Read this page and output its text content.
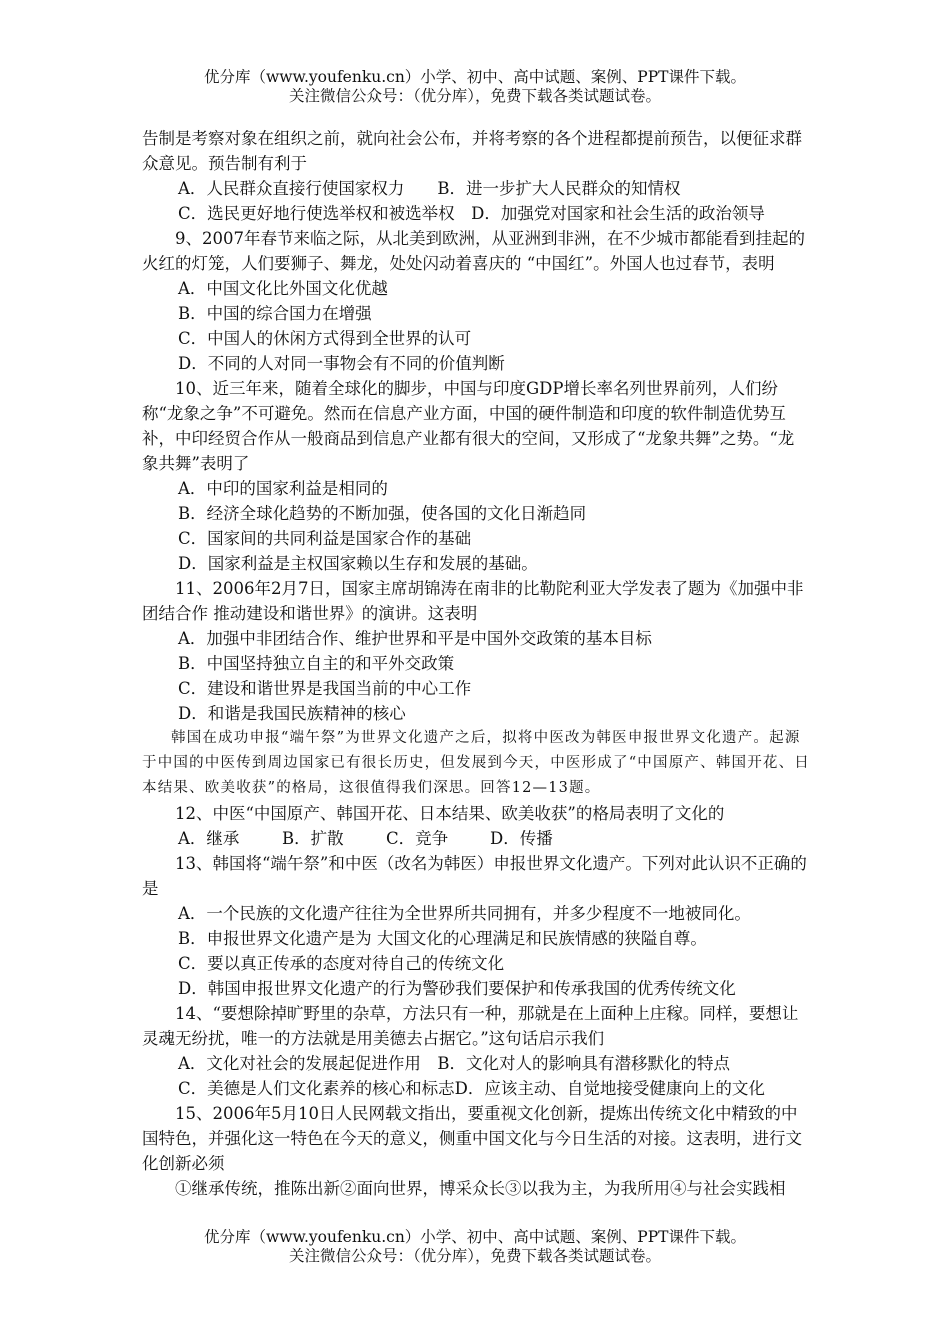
优分库（www.youfenku.cn）小学、初中、高中试题、案例、PPT课件下载。
关注微信公众号：（优分库），免费下载各类试题试卷。

告制是考察对象在组织之前，就向社会公布，并将考察的各个进程都提前预告，以便征求群众意见。预告制有利于

A．人民群众直接行使国家权力　　B．进一步扩大人民群众的知情权

C．选民更好地行使选举权和被选举权　D．加强党对国家和社会生活的政治领导

9、2007年春节来临之际，从北美到欧洲，从亚洲到非洲，在不少城市都能看到挂起的火红的灯笼，人们要狮子、舞龙，处处闪动着喜庆的 “中国红”。外国人也过春节，表明

A．中国文化比外国文化优越

B．中国的综合国力在增强

C．中国人的休闲方式得到全世界的认可

D．不同的人对同一事物会有不同的价值判断

10、近三年来，随着全球化的脚步，中国与印度GDP增长率名列世界前列，人们纷称“龙象之争”不可避免。然而在信息产业方面，中国的硬件制造和印度的软件制造优势互补，中印经贸合作从一般商品到信息产业都有很大的空间，又形成了“龙象共舞”之势。“龙象共舞”表明了

A．中印的国家利益是相同的

B．经济全球化趋势的不断加强，使各国的文化日渐趋同

C．国家间的共同利益是国家合作的基础

D．国家利益是主权国家赖以生存和发展的基础。

11、2006年2月7日，国家主席胡锦涛在南非的比勒陀利亚大学发表了题为《加强中非团结合作 推动建设和谐世界》的演讲。这表明

A．加强中非团结合作、维护世界和平是中国外交政策的基本目标

B．中国坚持独立自主的和平外交政策

C．建设和谐世界是我国当前的中心工作

D．和谐是我国民族精神的核心

韩国在成功申报“端午祭”为世界文化遗产之后，拟将中医改为韩医申报世界文化遗产。起源于中国的中医传到周边国家已有很长历史，但发展到今天，中医形成了“中国原产、韩国开花、日本结果、欧美收获”的格局，这很值得我们深思。回答12—13题。

12、中医“中国原产、韩国开花、日本结果、欧美收获”的格局表明了文化的

A．继承	B．扩散	C．竞争	D．传播

13、韩国将“端午祭”和中医（改名为韩医）申报世界文化遗产。下列对此认识不正确的是

A．一个民族的文化遗产往往为全世界所共同拥有，并多少程度不一地被同化。

B．申报世界文化遗产是为 大国文化的心理满足和民族情感的狭隘自尊。

C．要以真正传承的态度对待自己的传统文化

D．韩国申报世界文化遗产的行为警砂我们要保护和传承我国的优秀传统文化

14、“要想除掉旷野里的杂草，方法只有一种，那就是在上面种上庄稼。同样，要想让灵魂无纷扰，唯一的方法就是用美德去占据它。”这句话启示我们

A．文化对社会的发展起促进作用　B．文化对人的影响具有潜移默化的特点

C．美德是人们文化素养的核心和标志D．应该主动、自觉地接受健康向上的文化

15、2006年5月10日人民网载文指出，要重视文化创新，提炼出传统文化中精致的中国特色，并强化这一特色在今天的意义，侧重中国文化与今日生活的对接。这表明，进行文化创新必须

①继承传统，推陈出新②面向世界，博采众长③以我为主，为我所用④与社会实践相

优分库（www.youfenku.cn）小学、初中、高中试题、案例、PPT课件下载。
关注微信公众号：（优分库），免费下载各类试题试卷。
